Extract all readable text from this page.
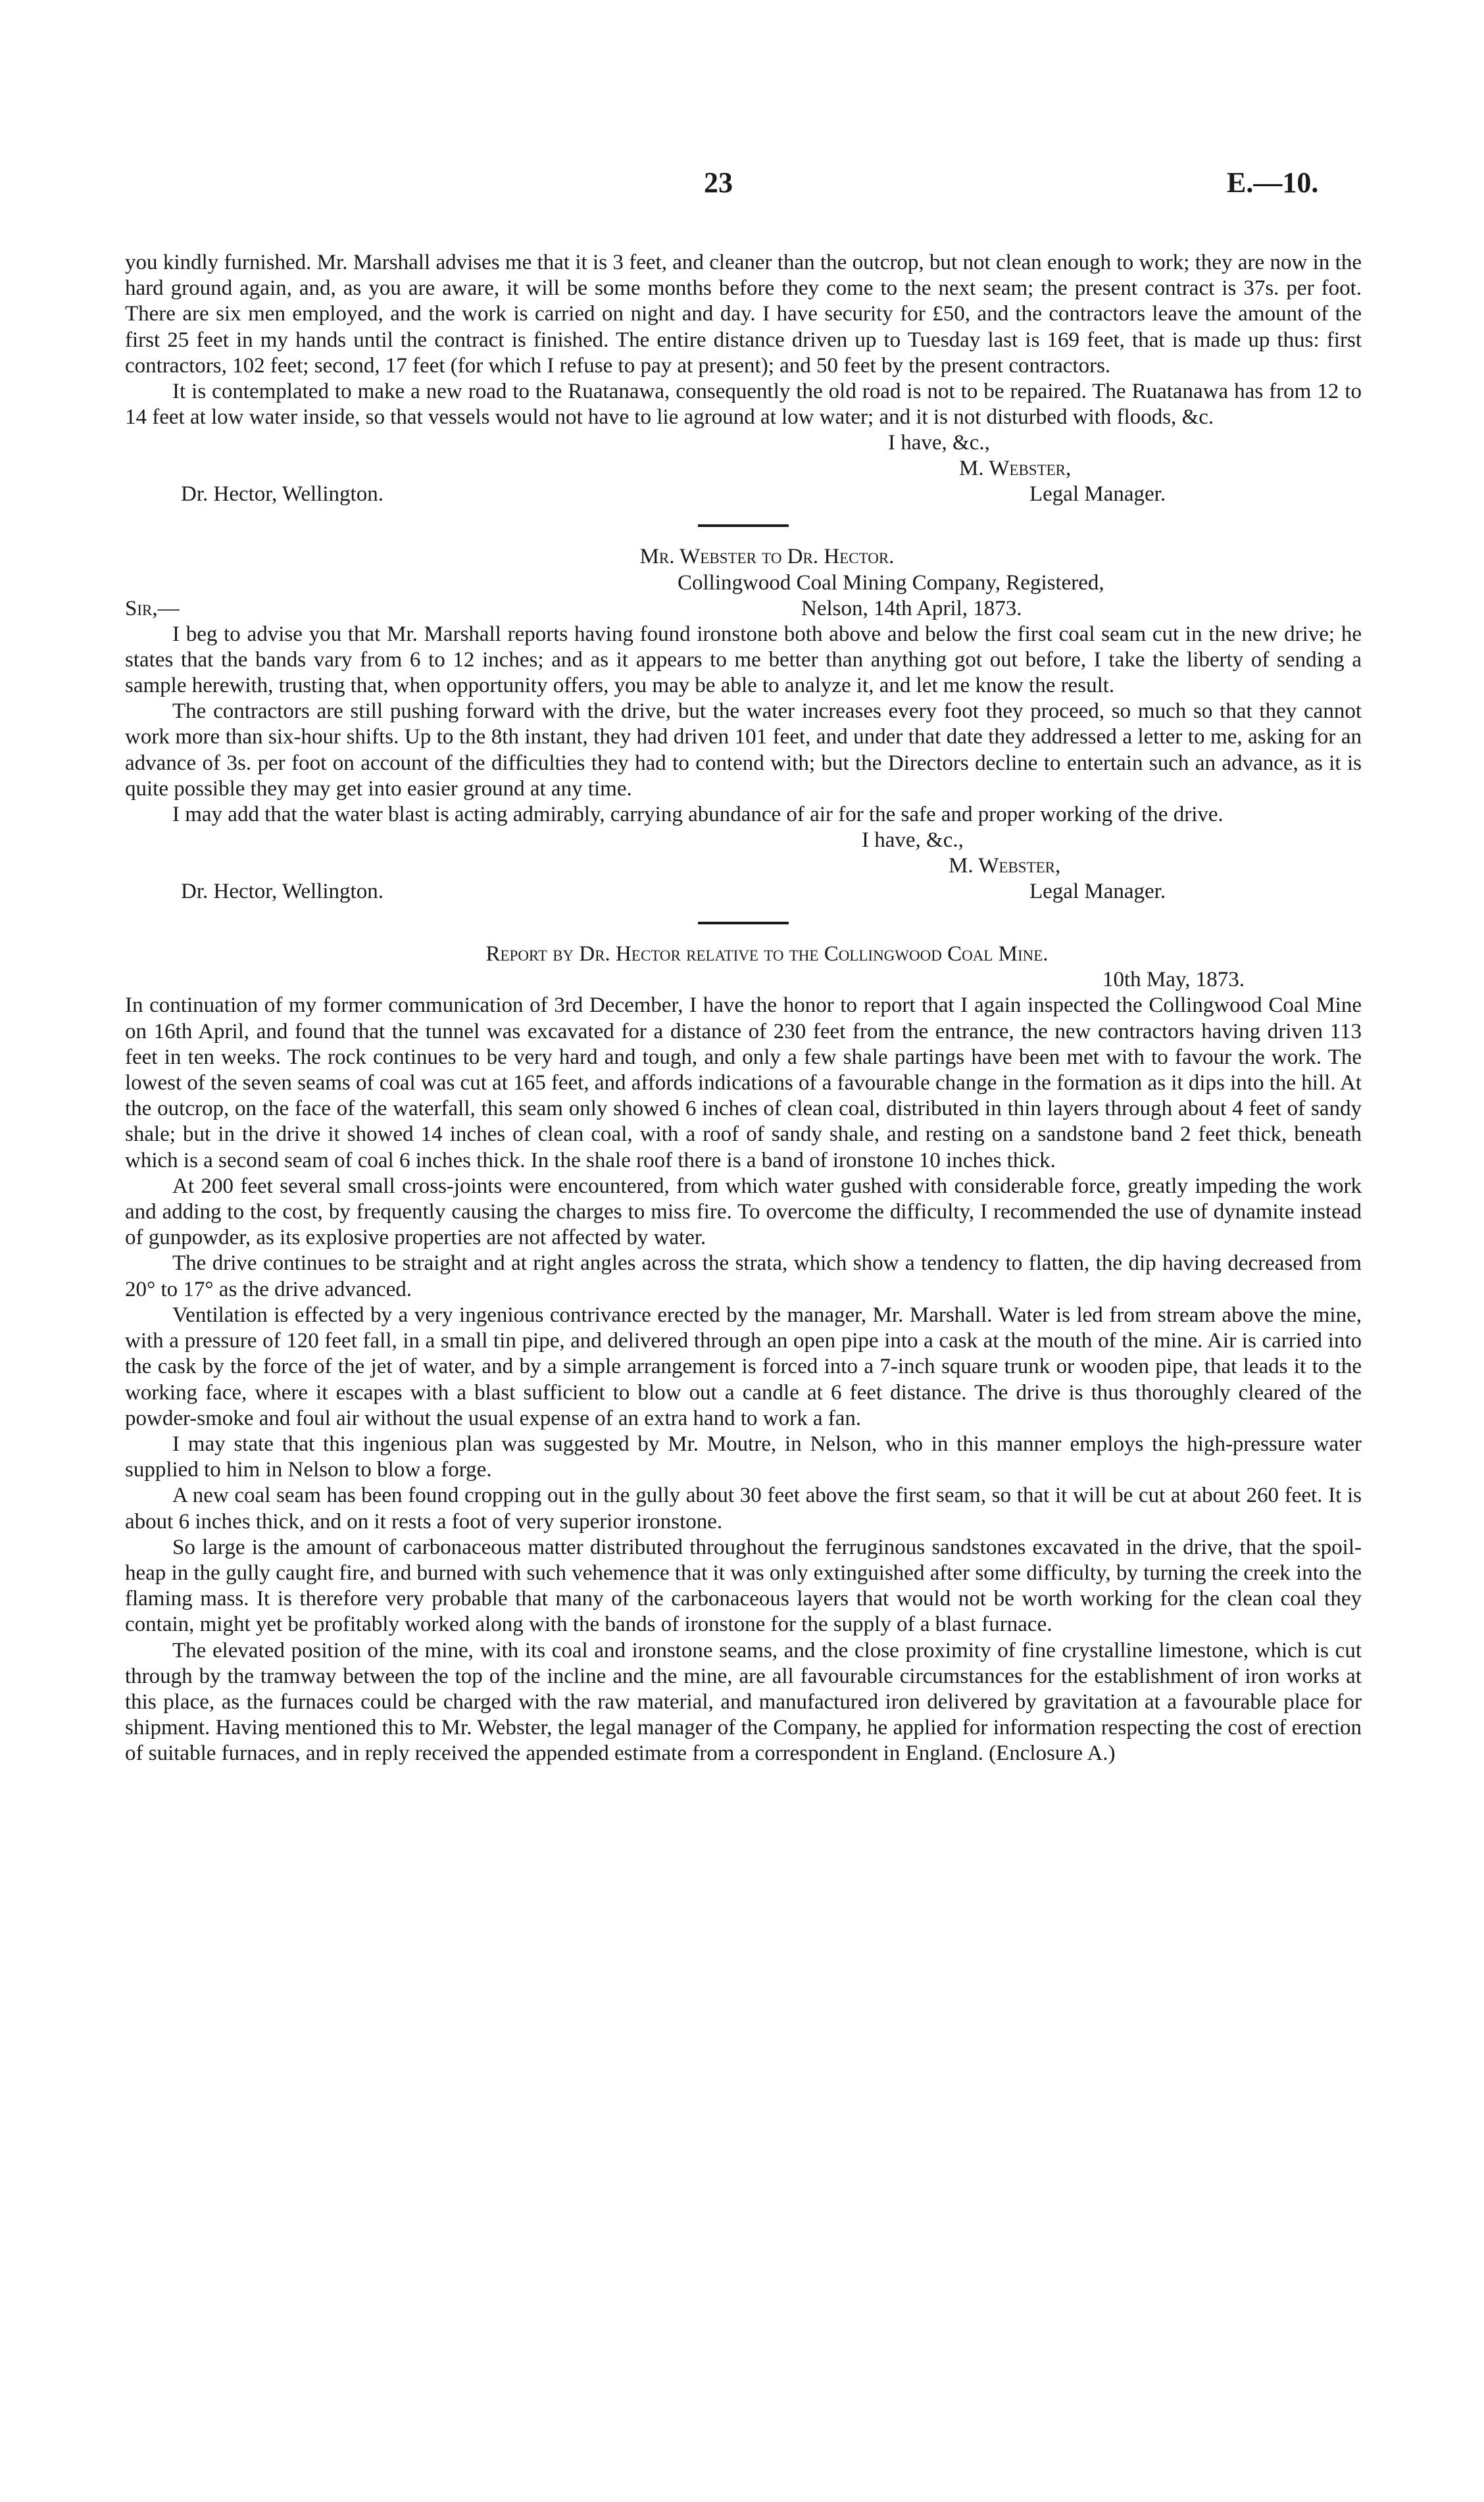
23	E.—10.

you kindly furnished. Mr. Marshall advises me that it is 3 feet, and cleaner than the outcrop, but not clean enough to work; they are now in the hard ground again, and, as you are aware, it will be some months before they come to the next seam; the present contract is 37s. per foot. There are six men employed, and the work is carried on night and day. I have security for £50, and the contractors leave the amount of the first 25 feet in my hands until the contract is finished. The entire distance driven up to Tuesday last is 169 feet, that is made up thus: first contractors, 102 feet; second, 17 feet (for which I refuse to pay at present); and 50 feet by the present contractors.

It is contemplated to make a new road to the Ruatanawa, consequently the old road is not to be repaired. The Ruatanawa has from 12 to 14 feet at low water inside, so that vessels would not have to lie aground at low water; and it is not disturbed with floods, &c.

I have, &c.,
M. Webster,
Dr. Hector, Wellington.	Legal Manager.

Mr. Webster to Dr. Hector.

Collingwood Coal Mining Company, Registered,
Sir,—	Nelson, 14th April, 1873.

I beg to advise you that Mr. Marshall reports having found ironstone both above and below the first coal seam cut in the new drive; he states that the bands vary from 6 to 12 inches; and as it appears to me better than anything got out before, I take the liberty of sending a sample herewith, trusting that, when opportunity offers, you may be able to analyze it, and let me know the result.

The contractors are still pushing forward with the drive, but the water increases every foot they proceed, so much so that they cannot work more than six-hour shifts. Up to the 8th instant, they had driven 101 feet, and under that date they addressed a letter to me, asking for an advance of 3s. per foot on account of the difficulties they had to contend with; but the Directors decline to entertain such an advance, as it is quite possible they may get into easier ground at any time.

I may add that the water blast is acting admirably, carrying abundance of air for the safe and proper working of the drive.

I have, &c.,
M. Webster,
Dr. Hector, Wellington.	Legal Manager.

Report by Dr. Hector relative to the Collingwood Coal Mine.

10th May, 1873.

In continuation of my former communication of 3rd December, I have the honor to report that I again inspected the Collingwood Coal Mine on 16th April, and found that the tunnel was excavated for a distance of 230 feet from the entrance, the new contractors having driven 113 feet in ten weeks. The rock continues to be very hard and tough, and only a few shale partings have been met with to favour the work. The lowest of the seven seams of coal was cut at 165 feet, and affords indications of a favourable change in the formation as it dips into the hill. At the outcrop, on the face of the waterfall, this seam only showed 6 inches of clean coal, distributed in thin layers through about 4 feet of sandy shale; but in the drive it showed 14 inches of clean coal, with a roof of sandy shale, and resting on a sandstone band 2 feet thick, beneath which is a second seam of coal 6 inches thick. In the shale roof there is a band of ironstone 10 inches thick.

At 200 feet several small cross-joints were encountered, from which water gushed with considerable force, greatly impeding the work and adding to the cost, by frequently causing the charges to miss fire. To overcome the difficulty, I recommended the use of dynamite instead of gunpowder, as its explosive properties are not affected by water.

The drive continues to be straight and at right angles across the strata, which show a tendency to flatten, the dip having decreased from 20° to 17° as the drive advanced.

Ventilation is effected by a very ingenious contrivance erected by the manager, Mr. Marshall. Water is led from stream above the mine, with a pressure of 120 feet fall, in a small tin pipe, and delivered through an open pipe into a cask at the mouth of the mine. Air is carried into the cask by the force of the jet of water, and by a simple arrangement is forced into a 7-inch square trunk or wooden pipe, that leads it to the working face, where it escapes with a blast sufficient to blow out a candle at 6 feet distance. The drive is thus thoroughly cleared of the powder-smoke and foul air without the usual expense of an extra hand to work a fan.

I may state that this ingenious plan was suggested by Mr. Moutre, in Nelson, who in this manner employs the high-pressure water supplied to him in Nelson to blow a forge.

A new coal seam has been found cropping out in the gully about 30 feet above the first seam, so that it will be cut at about 260 feet. It is about 6 inches thick, and on it rests a foot of very superior ironstone.

So large is the amount of carbonaceous matter distributed throughout the ferruginous sandstones excavated in the drive, that the spoil-heap in the gully caught fire, and burned with such vehemence that it was only extinguished after some difficulty, by turning the creek into the flaming mass. It is therefore very probable that many of the carbonaceous layers that would not be worth working for the clean coal they contain, might yet be profitably worked along with the bands of ironstone for the supply of a blast furnace.

The elevated position of the mine, with its coal and ironstone seams, and the close proximity of fine crystalline limestone, which is cut through by the tramway between the top of the incline and the mine, are all favourable circumstances for the establishment of iron works at this place, as the furnaces could be charged with the raw material, and manufactured iron delivered by gravitation at a favourable place for shipment. Having mentioned this to Mr. Webster, the legal manager of the Company, he applied for information respecting the cost of erection of suitable furnaces, and in reply received the appended estimate from a correspondent in England. (Enclosure A.)
